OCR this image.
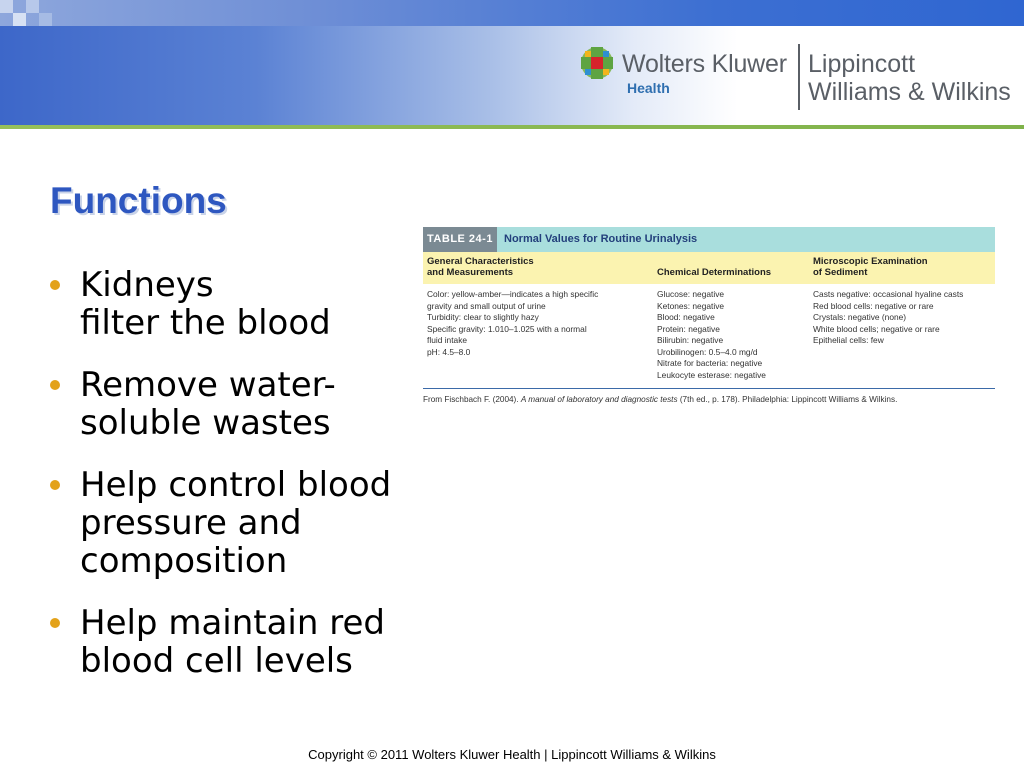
Wolters Kluwer
Health
Lippincott
Williams & Wilkins
Functions
Kidneys
filter the blood
Remove water-
soluble wastes
Help control blood
pressure and
composition
Help maintain red
blood cell levels
TABLE 24-1	Normal Values for Routine Urinalysis
General Characteristics
and Measurements	Chemical Determinations
Microscopic Examination
of Sediment
Color: yellow-amber—indicates a high specific
gravity and small output of urine
Turbidity: clear to slightly hazy
Specific gravity: 1.010–1.025 with a normal
fluid intake
pH: 4.5–8.0
Glucose: negative
Ketones: negative
Blood: negative
Protein: negative
Bilirubin: negative
Urobilinogen: 0.5–4.0 mg/d
Nitrate for bacteria: negative
Leukocyte esterase: negative
Casts negative: occasional hyaline casts
Red blood cells: negative or rare
Crystals: negative (none)
White blood cells; negative or rare
Epithelial cells: few
From Fischbach F. (2004). A manual of laboratory and diagnostic tests (7th ed., p. 178). Philadelphia: Lippincott Williams & Wilkins.
Copyright © 2011 Wolters Kluwer Health | Lippincott Williams & Wilkins
